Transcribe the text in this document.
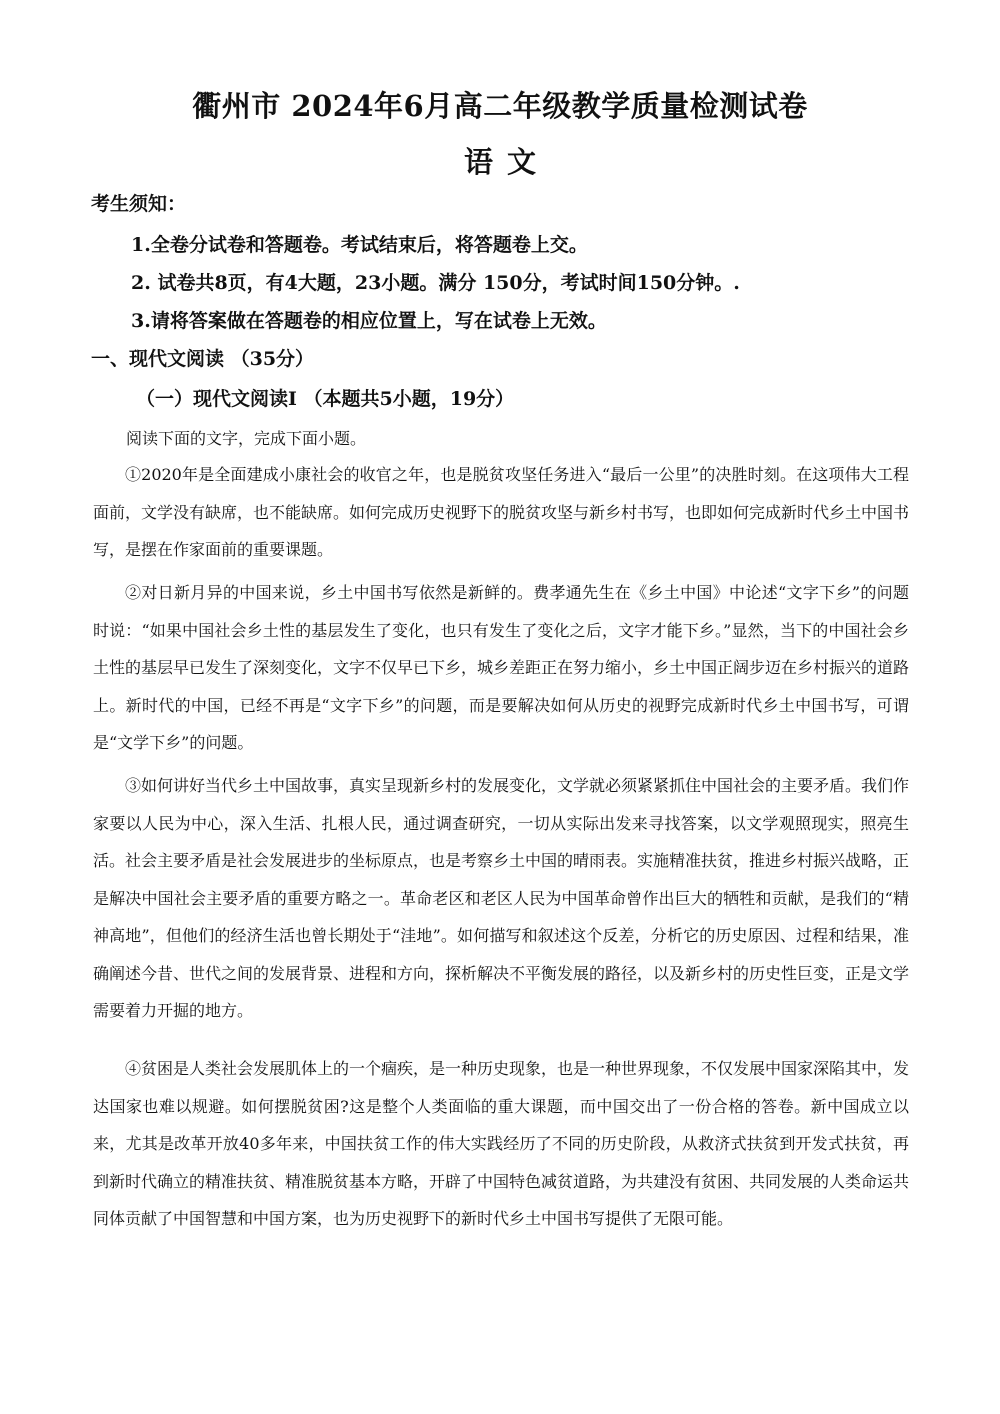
衢州市 2024年6月高二年级教学质量检测试卷
语文
考生须知：
1.全卷分试卷和答题卷。考试结束后，将答题卷上交。
2. 试卷共8页，有4大题，23小题。满分 150分，考试时间150分钟。.
3.请将答案做在答题卷的相应位置上，写在试卷上无效。
一、现代文阅读 （35分）
（一）现代文阅读Ⅰ （本题共5小题，19分）
阅读下面的文字，完成下面小题。

①2020年是全面建成小康社会的收官之年，也是脱贫攻坚任务进入“最后一公里”的决胜时刻。在这项伟大工程面前，文学没有缺席，也不能缺席。如何完成历史视野下的脱贫攻坚与新乡村书写，也即如何完成新时代乡土中国书写，是摆在作家面前的重要课题。

②对日新月异的中国来说，乡土中国书写依然是新鲜的。费孝通先生在《乡土中国》中论述“文字下乡”的问题时说：“如果中国社会乡土性的基层发生了变化，也只有发生了变化之后，文字才能下乡。”显然，当下的中国社会乡土性的基层早已发生了深刻变化，文字不仅早已下乡，城乡差距正在努力缩小，乡土中国正阔步迈在乡村振兴的道路上。新时代的中国，已经不再是“文字下乡”的问题，而是要解决如何从历史的视野完成新时代乡土中国书写，可谓是“文学下乡”的问题。

③如何讲好当代乡土中国故事，真实呈现新乡村的发展变化，文学就必须紧紧抓住中国社会的主要矛盾。我们作家要以人民为中心，深入生活、扎根人民，通过调查研究，一切从实际出发来寻找答案，以文学观照现实，照亮生活。社会主要矛盾是社会发展进步的坐标原点，也是考察乡土中国的晴雨表。实施精准扶贫，推进乡村振兴战略，正是解决中国社会主要矛盾的重要方略之一。革命老区和老区人民为中国革命曾作出巨大的牺牲和贡献，是我们的“精神高地”，但他们的经济生活也曾长期处于“洼地”。如何描写和叙述这个反差，分析它的历史原因、过程和结果，准确阐述今昔、世代之间的发展背景、进程和方向，探析解决不平衡发展的路径，以及新乡村的历史性巨变，正是文学需要着力开掘的地方。

④贫困是人类社会发展肌体上的一个痼疾，是一种历史现象，也是一种世界现象，不仅发展中国家深陷其中，发达国家也难以规避。如何摆脱贫困?这是整个人类面临的重大课题，而中国交出了一份合格的答卷。新中国成立以来，尤其是改革开放40多年来，中国扶贫工作的伟大实践经历了不同的历史阶段，从救济式扶贫到开发式扶贫，再到新时代确立的精准扶贫、精准脱贫基本方略，开辟了中国特色减贫道路，为共建没有贫困、共同发展的人类命运共同体贡献了中国智慧和中国方案，也为历史视野下的新时代乡土中国书写提供了无限可能。
